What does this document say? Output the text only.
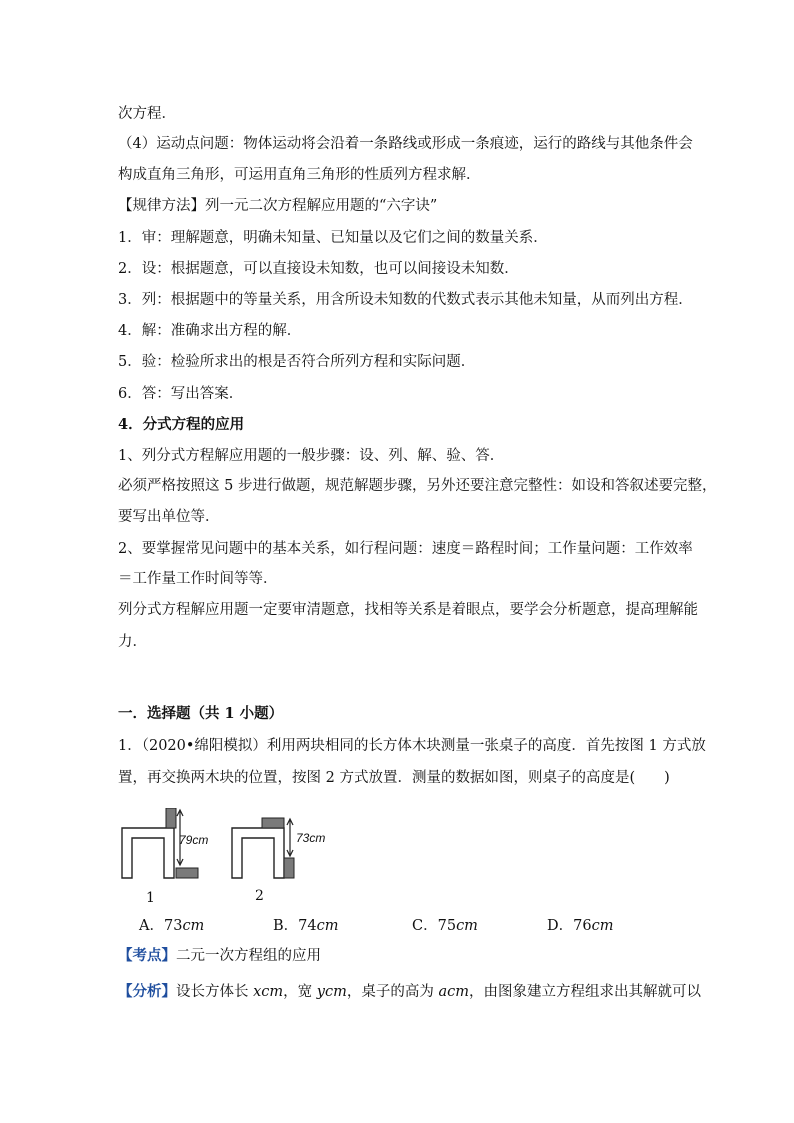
次方程．
（4）运动点问题：物体运动将会沿着一条路线或形成一条痕迹，运行的路线与其他条件会
构成直角三角形，可运用直角三角形的性质列方程求解．
【规律方法】列一元二次方程解应用题的“六字诀”
1．审：理解题意，明确未知量、已知量以及它们之间的数量关系．
2．设：根据题意，可以直接设未知数，也可以间接设未知数．
3．列：根据题中的等量关系，用含所设未知数的代数式表示其他未知量，从而列出方程．
4．解：准确求出方程的解．
5．验：检验所求出的根是否符合所列方程和实际问题．
6．答：写出答案．
4．分式方程的应用
1、列分式方程解应用题的一般步骤：设、列、解、验、答．
必须严格按照这 5 步进行做题，规范解题步骤，另外还要注意完整性：如设和答叙述要完整，
要写出单位等．
2、要掌握常见问题中的基本关系，如行程问题：速度＝路程时间；工作量问题：工作效率
＝工作量工作时间等等．
列分式方程解应用题一定要审清题意，找相等关系是着眼点，要学会分析题意，提高理解能
力．
一．选择题（共 1 小题）
1．（2020•绵阳模拟）利用两块相同的长方体木块测量一张桌子的高度．首先按图 1 方式放
置，再交换两木块的位置，按图 2 方式放置．测量的数据如图，则桌子的高度是(　　)
79cm	73cm
1	2
A．73cm	B．74cm	C．75cm	D．76cm
【考点】二元一次方程组的应用
【分析】设长方体长 xcm，宽 ycm，桌子的高为 acm，由图象建立方程组求出其解就可以
